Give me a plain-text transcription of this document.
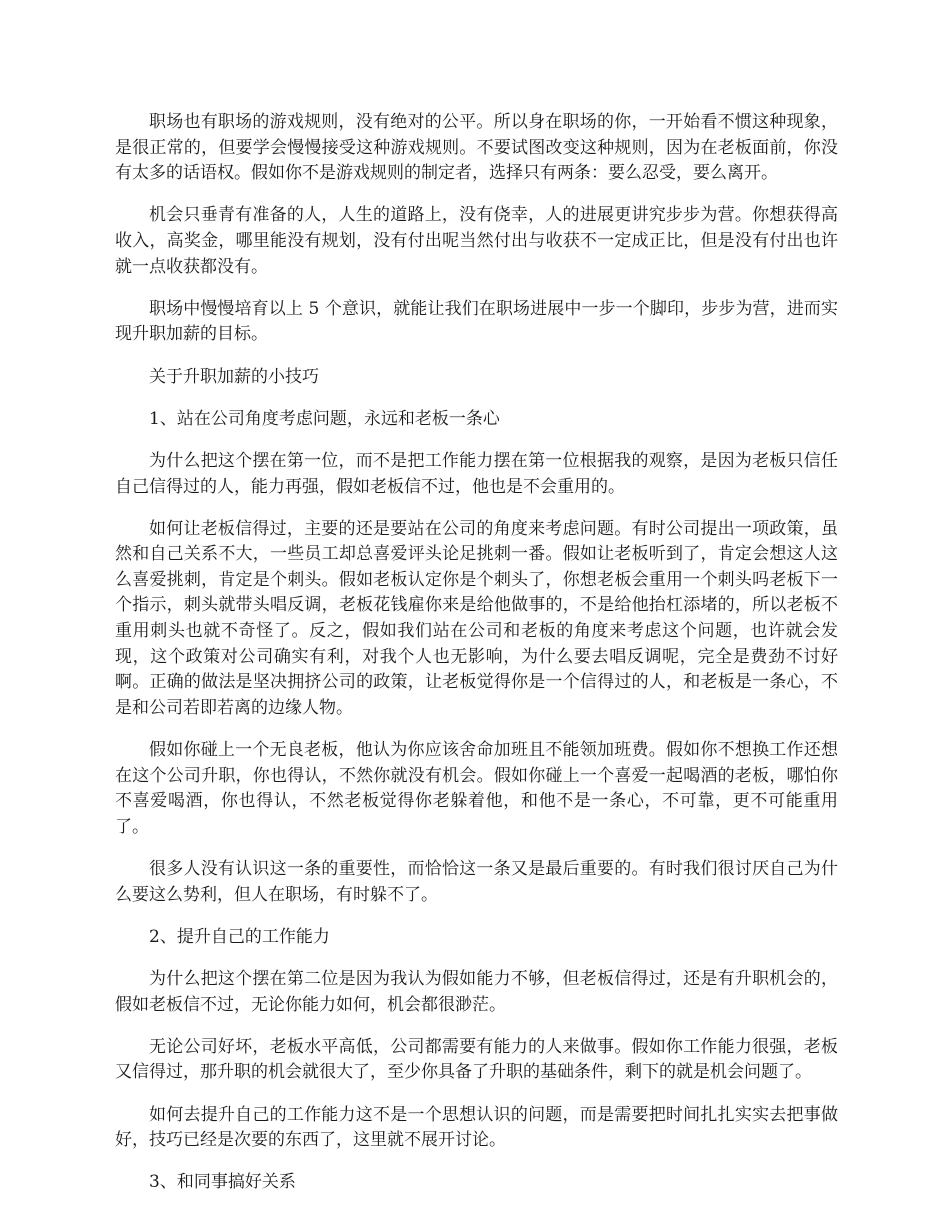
职场也有职场的游戏规则，没有绝对的公平。所以身在职场的你，一开始看不惯这种现象，是很正常的，但要学会慢慢接受这种游戏规则。不要试图改变这种规则，因为在老板面前，你没有太多的话语权。假如你不是游戏规则的制定者，选择只有两条：要么忍受，要么离开。

机会只垂青有准备的人，人生的道路上，没有侥幸，人的进展更讲究步步为营。你想获得高收入，高奖金，哪里能没有规划，没有付出呢当然付出与收获不一定成正比，但是没有付出也许就一点收获都没有。

职场中慢慢培育以上 5 个意识，就能让我们在职场进展中一步一个脚印，步步为营，进而实现升职加薪的目标。

关于升职加薪的小技巧

1、站在公司角度考虑问题，永远和老板一条心

为什么把这个摆在第一位，而不是把工作能力摆在第一位根据我的观察，是因为老板只信任自己信得过的人，能力再强，假如老板信不过，他也是不会重用的。

如何让老板信得过，主要的还是要站在公司的角度来考虑问题。有时公司提出一项政策，虽然和自己关系不大，一些员工却总喜爱评头论足挑刺一番。假如让老板听到了，肯定会想这人这么喜爱挑刺，肯定是个刺头。假如老板认定你是个刺头了，你想老板会重用一个刺头吗老板下一个指示，刺头就带头唱反调，老板花钱雇你来是给他做事的，不是给他抬杠添堵的，所以老板不重用刺头也就不奇怪了。反之，假如我们站在公司和老板的角度来考虑这个问题，也许就会发现，这个政策对公司确实有利，对我个人也无影响，为什么要去唱反调呢，完全是费劲不讨好啊。正确的做法是坚决拥挤公司的政策，让老板觉得你是一个信得过的人，和老板是一条心，不是和公司若即若离的边缘人物。

假如你碰上一个无良老板，他认为你应该舍命加班且不能领加班费。假如你不想换工作还想在这个公司升职，你也得认，不然你就没有机会。假如你碰上一个喜爱一起喝酒的老板，哪怕你不喜爱喝酒，你也得认，不然老板觉得你老躲着他，和他不是一条心，不可靠，更不可能重用了。

很多人没有认识这一条的重要性，而恰恰这一条又是最后重要的。有时我们很讨厌自己为什么要这么势利，但人在职场，有时躲不了。

2、提升自己的工作能力

为什么把这个摆在第二位是因为我认为假如能力不够，但老板信得过，还是有升职机会的，假如老板信不过，无论你能力如何，机会都很渺茫。

无论公司好坏，老板水平高低，公司都需要有能力的人来做事。假如你工作能力很强，老板又信得过，那升职的机会就很大了，至少你具备了升职的基础条件，剩下的就是机会问题了。

如何去提升自己的工作能力这不是一个思想认识的问题，而是需要把时间扎扎实实去把事做好，技巧已经是次要的东西了，这里就不展开讨论。

3、和同事搞好关系
